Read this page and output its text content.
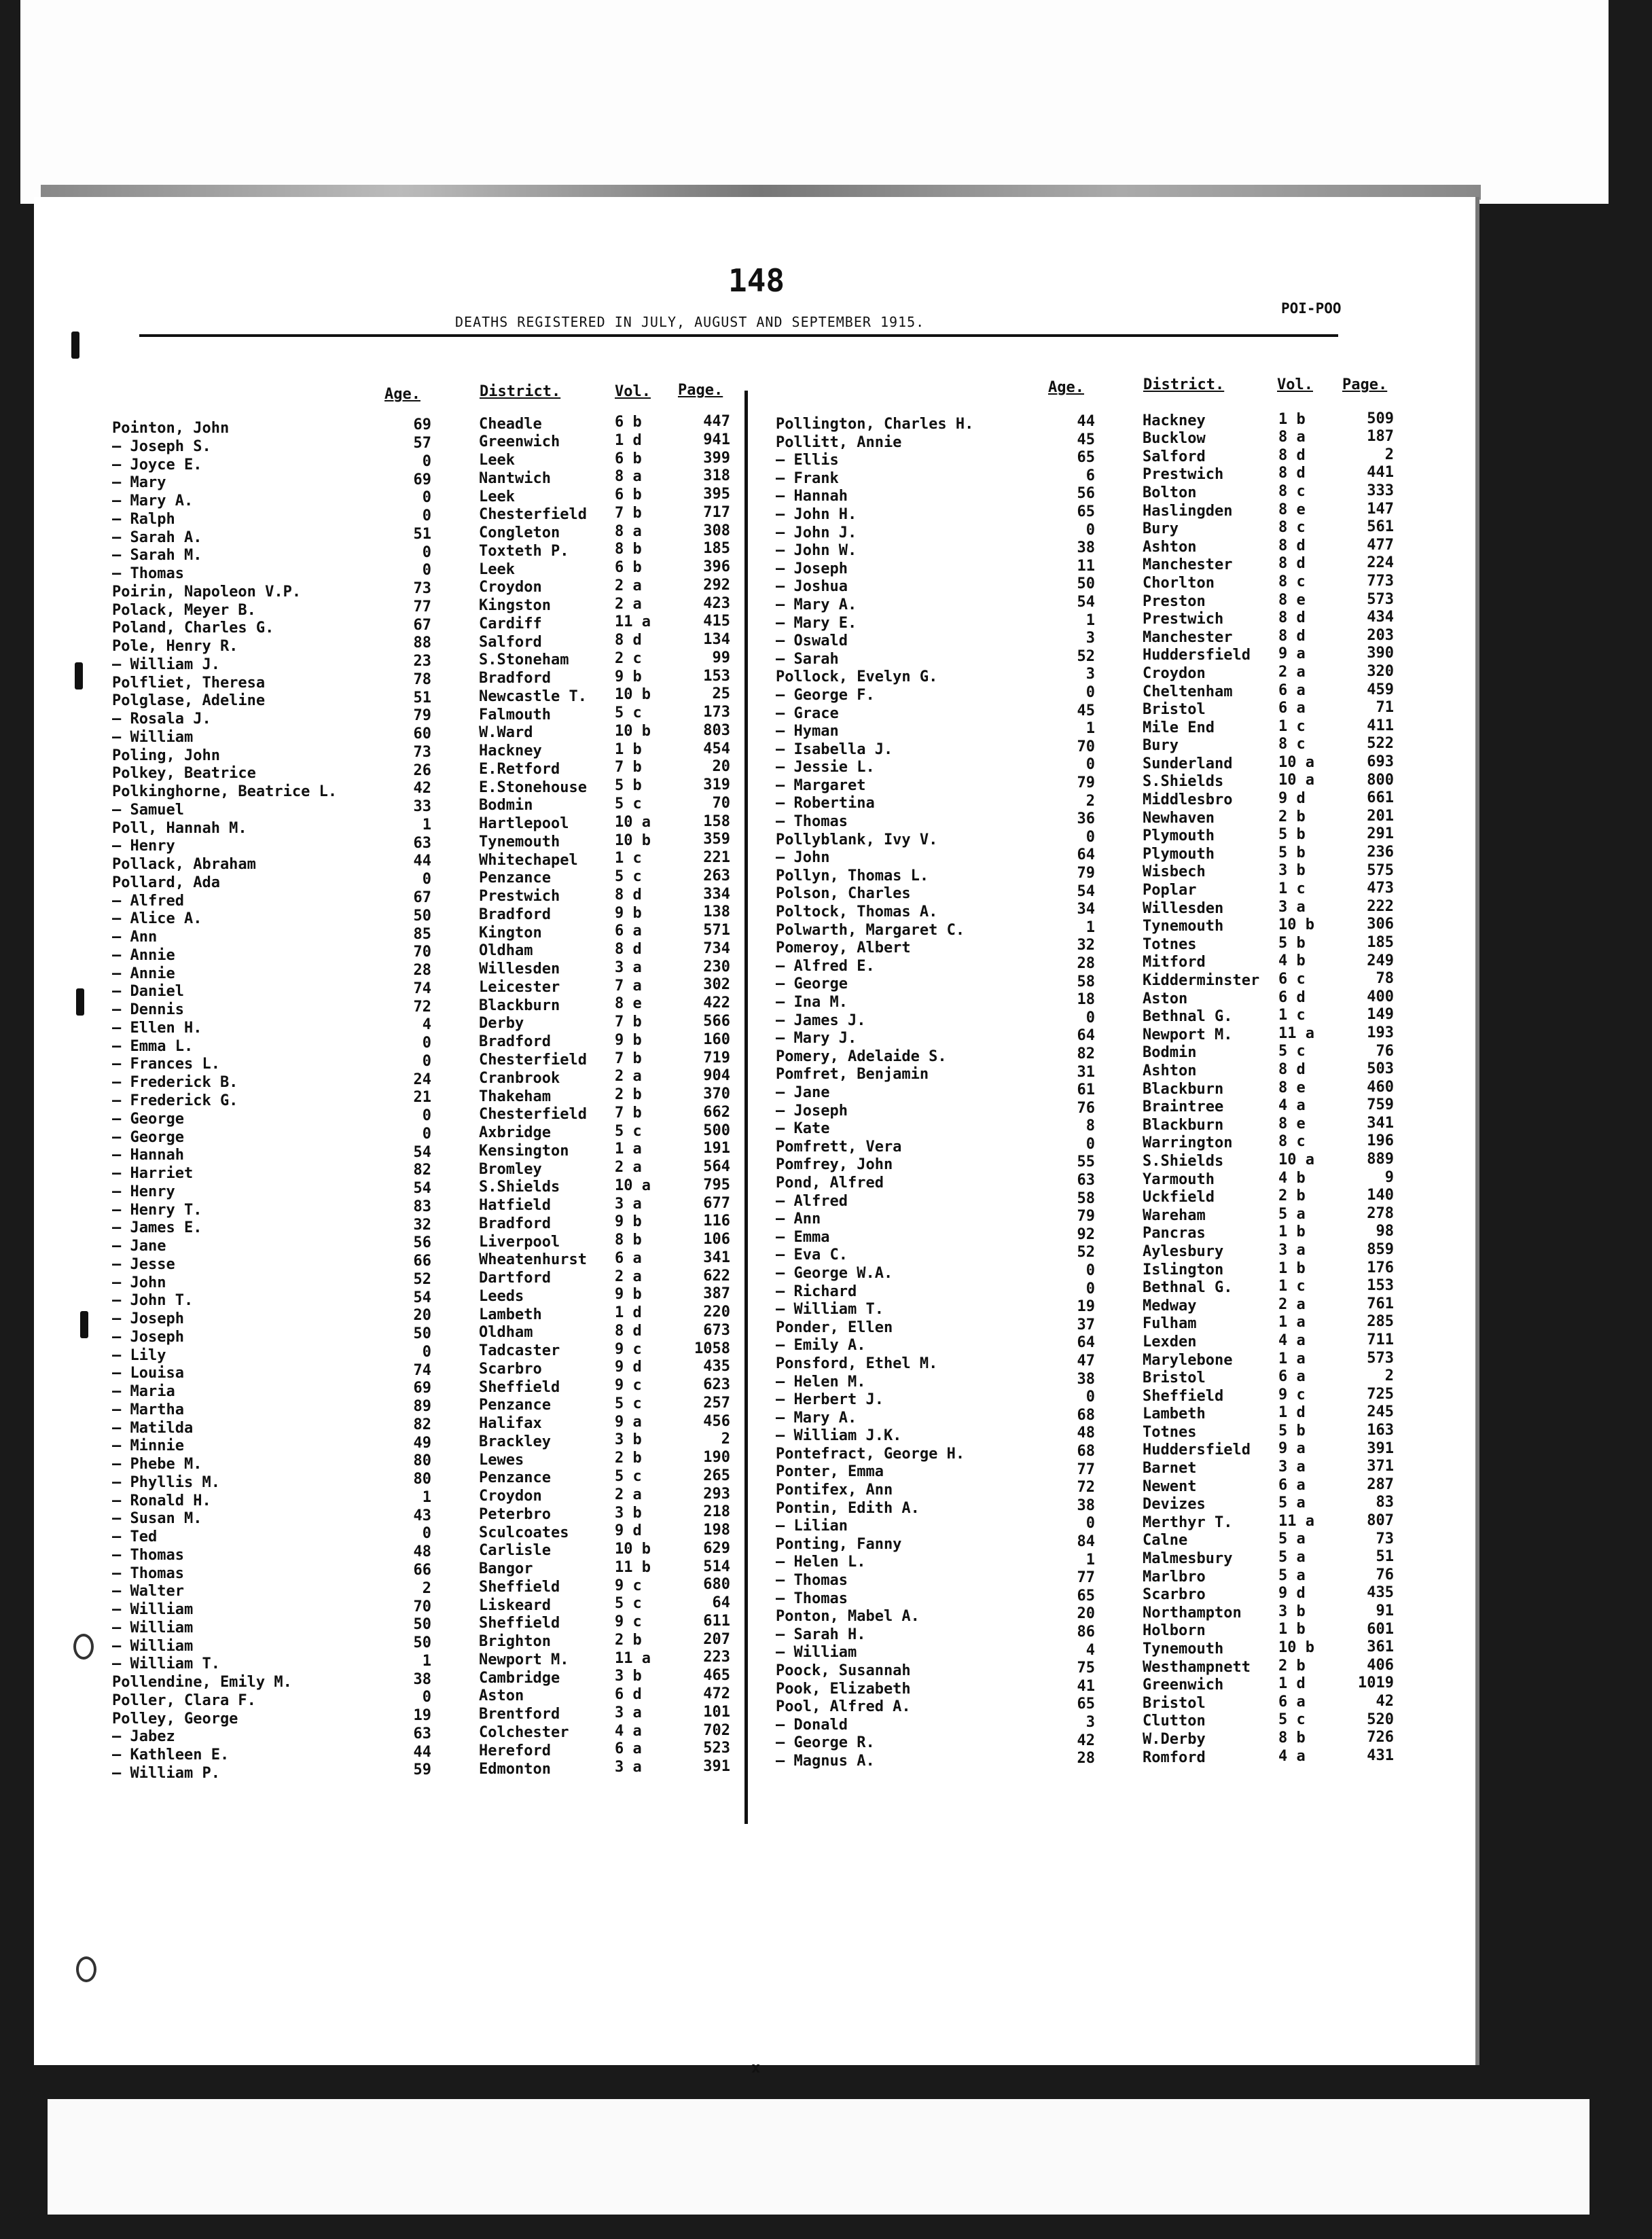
148
DEATHS REGISTERED IN JULY, AUGUST AND SEPTEMBER 1915.
POI-POO
Age.	District.	Vol. Page.	Age.	District.	Vol. Page.
x
Pointon, John	69	Cheadle	6 b	447
— Joseph S.	57	Greenwich	1 d	941
— Joyce E.	0	Leek	6 b	399
— Mary	69	Nantwich	8 a	318
— Mary A.	0	Leek	6 b	395
— Ralph	0	Chesterfield 7 b	717
— Sarah A.	51	Congleton	8 a	308
— Sarah M.	0	Toxteth P.	8 b	185
— Thomas	0	Leek	6 b	396
Poirin, Napoleon V.P.	73	Croydon	2 a	292
Polack, Meyer B.	77	Kingston	2 a	423
Poland, Charles G.	67	Cardiff	11 a	415
Pole, Henry R.	88	Salford	8 d	134
— William J.	23	S.Stoneham	2 c	99
Polfliet, Theresa	78	Bradford	9 b	153
Polglase, Adeline	51	Newcastle T. 10 b	25
— Rosala J.	79	Falmouth	5 c	173
— William	60	W.Ward	10 b	803
Poling, John	73	Hackney	1 b	454
Polkey, Beatrice	26	E.Retford	7 b	20
Polkinghorne, Beatrice L.	42	E.Stonehouse 5 b	319
— Samuel	33	Bodmin	5 c	70
Poll, Hannah M.	1	Hartlepool	10 a	158
— Henry	63	Tynemouth	10 b	359
Pollack, Abraham	44	Whitechapel 1 c	221
Pollard, Ada	0	Penzance	5 c	263
— Alfred	67	Prestwich	8 d	334
— Alice A.	50	Bradford	9 b	138
— Ann	85	Kington	6 a	571
— Annie	70	Oldham	8 d	734
— Annie	28	Willesden	3 a	230
— Daniel	74	Leicester	7 a	302
— Dennis	72	Blackburn	8 e	422
— Ellen H.	4	Derby	7 b	566
— Emma L.	0	Bradford	9 b	160
— Frances L.	0	Chesterfield 7 b	719
— Frederick B.	24	Cranbrook	2 a	904
— Frederick G.	21	Thakeham	2 b	370
— George	0	Chesterfield 7 b	662
— George	0	Axbridge	5 c	500
— Hannah	54	Kensington	1 a	191
— Harriet	82	Bromley	2 a	564
— Henry	54	S.Shields	10 a	795
— Henry T.	83	Hatfield	3 a	677
— James E.	32	Bradford	9 b	116
— Jane	56	Liverpool	8 b	106
— Jesse	66	Wheatenhurst 6 a	341
— John	52	Dartford	2 a	622
— John T.	54	Leeds	9 b	387
— Joseph	20	Lambeth	1 d	220
— Joseph	50	Oldham	8 d	673
— Lily	0	Tadcaster	9 c	1058
— Louisa	74	Scarbro	9 d	435
— Maria	69	Sheffield	9 c	623
— Martha	89	Penzance	5 c	257
— Matilda	82	Halifax	9 a	456
— Minnie	49	Brackley	3 b	2
— Phebe M.	80	Lewes	2 b	190
— Phyllis M.	80	Penzance	5 c	265
— Ronald H.	1	Croydon	2 a	293
— Susan M.	43	Peterbro	3 b	218
— Ted	0	Sculcoates	9 d	198
— Thomas	48	Carlisle	10 b	629
— Thomas	66	Bangor	11 b	514
— Walter	2	Sheffield	9 c	680
— William	70	Liskeard	5 c	64
— William	50	Sheffield	9 c	611
— William	50	Brighton	2 b	207
— William T.	1	Newport M.	11 a	223
Pollendine, Emily M.	38	Cambridge	3 b	465
Poller, Clara F.	0	Aston	6 d	472
Polley, George	19	Brentford	3 a	101
— Jabez	63	Colchester	4 a	702
— Kathleen E.	44	Hereford	6 a	523
— William P.	59	Edmonton	3 a	391
Pollington, Charles H.	44	Hackney	1 b	509
Pollitt, Annie	45	Bucklow	8 a	187
— Ellis	65	Salford	8 d	2
— Frank	6	Prestwich	8 d	441
— Hannah	56	Bolton	8 c	333
— John H.	65	Haslingden	8 e	147
— John J.	0	Bury	8 c	561
— John W.	38	Ashton	8 d	477
— Joseph	11	Manchester	8 d	224
— Joshua	50	Chorlton	8 c	773
— Mary A.	54	Preston	8 e	573
— Mary E.	1	Prestwich	8 d	434
— Oswald	3	Manchester	8 d	203
— Sarah	52	Huddersfield 9 a	390
Pollock, Evelyn G.	3	Croydon	2 a	320
— George F.	0	Cheltenham	6 a	459
— Grace	45	Bristol	6 a	71
— Hyman	1	Mile End	1 c	411
— Isabella J.	70	Bury	8 c	522
— Jessie L.	0	Sunderland	10 a	693
— Margaret	79	S.Shields	10 a	800
— Robertina	2	Middlesbro	9 d	661
— Thomas	36	Newhaven	2 b	201
Pollyblank, Ivy V.	0	Plymouth	5 b	291
— John	64	Plymouth	5 b	236
Pollyn, Thomas L.	79	Wisbech	3 b	575
Polson, Charles	54	Poplar	1 c	473
Poltock, Thomas A.	34	Willesden	3 a	222
Polwarth, Margaret C.	1	Tynemouth	10 b	306
Pomeroy, Albert	32	Totnes	5 b	185
— Alfred E.	28	Mitford	4 b	249
— George	58	Kidderminster 6 c	78
— Ina M.	18	Aston	6 d	400
— James J.	0	Bethnal G.	1 c	149
— Mary J.	64	Newport M.	11 a	193
Pomery, Adelaide S.	82	Bodmin	5 c	76
Pomfret, Benjamin	31	Ashton	8 d	503
— Jane	61	Blackburn	8 e	460
— Joseph	76	Braintree	4 a	759
— Kate	8	Blackburn	8 e	341
Pomfrett, Vera	0	Warrington	8 c	196
Pomfrey, John	55	S.Shields	10 a	889
Pond, Alfred	63	Yarmouth	4 b	9
— Alfred	58	Uckfield	2 b	140
— Ann	79	Wareham	5 a	278
— Emma	92	Pancras	1 b	98
— Eva C.	52	Aylesbury	3 a	859
— George W.A.	0	Islington	1 b	176
— Richard	0	Bethnal G.	1 c	153
— William T.	19	Medway	2 a	761
Ponder, Ellen	37	Fulham	1 a	285
— Emily A.	64	Lexden	4 a	711
Ponsford, Ethel M.	47	Marylebone	1 a	573
— Helen M.	38	Bristol	6 a	2
— Herbert J.	0	Sheffield	9 c	725
— Mary A.	68	Lambeth	1 d	245
— William J.K.	48	Totnes	5 b	163
Pontefract, George H.	68	Huddersfield 9 a	391
Ponter, Emma	77	Barnet	3 a	371
Pontifex, Ann	72	Newent	6 a	287
Pontin, Edith A.	38	Devizes	5 a	83
— Lilian	0	Merthyr T.	11 a	807
Ponting, Fanny	84	Calne	5 a	73
— Helen L.	1	Malmesbury	5 a	51
— Thomas	77	Marlbro	5 a	76
— Thomas	65	Scarbro	9 d	435
Ponton, Mabel A.	20	Northampton 3 b	91
— Sarah H.	86	Holborn	1 b	601
— William	4	Tynemouth	10 b	361
Poock, Susannah	75	Westhampnett 2 b	406
Pook, Elizabeth	41	Greenwich	1 d	1019
Pool, Alfred A.	65	Bristol	6 a	42
— Donald	3	Clutton	5 c	520
— George R.	42	W.Derby	8 b	726
— Magnus A.	28	Romford	4 a	431
